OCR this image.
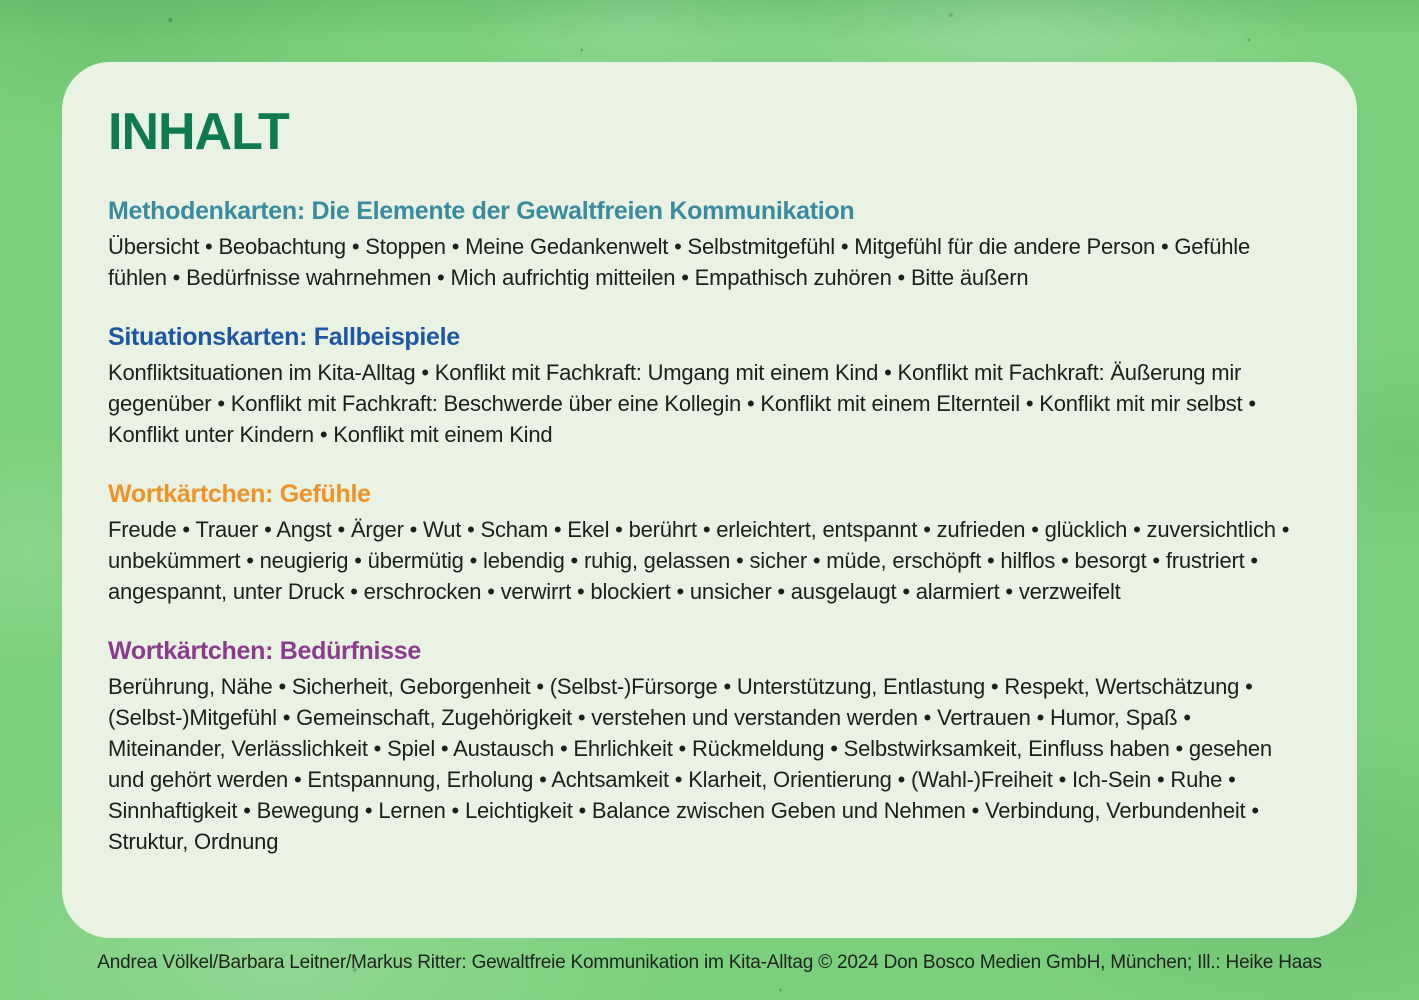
INHALT
Methodenkarten: Die Elemente der Gewaltfreien Kommunikation

Übersicht • Beobachtung • Stoppen • Meine Gedankenwelt • Selbstmitgefühl • Mitgefühl für die andere Person • Gefühle fühlen • Bedürfnisse wahrnehmen • Mich aufrichtig mitteilen • Empathisch zuhören • Bitte äußern

Situationskarten: Fallbeispiele

Konfliktsituationen im Kita-Alltag • Konflikt mit Fachkraft: Umgang mit einem Kind • Konflikt mit Fachkraft: Äußerung mir gegenüber • Konflikt mit Fachkraft: Beschwerde über eine Kollegin • Konflikt mit einem Elternteil • Konflikt mit mir selbst • Konflikt unter Kindern • Konflikt mit einem Kind

Wortkärtchen: Gefühle

Freude • Trauer • Angst • Ärger • Wut • Scham • Ekel • berührt • erleichtert, entspannt • zufrieden • glücklich • zuversichtlich • unbekümmert • neugierig • übermütig • lebendig • ruhig, gelassen • sicher • müde, erschöpft • hilflos • besorgt • frustriert • angespannt, unter Druck • erschrocken • verwirrt • blockiert • unsicher • ausgelaugt • alarmiert • verzweifelt

Wortkärtchen: Bedürfnisse

Berührung, Nähe • Sicherheit, Geborgenheit • (Selbst-)Fürsorge • Unterstützung, Entlastung • Respekt, Wertschätzung • (Selbst-)Mitgefühl • Gemeinschaft, Zugehörigkeit • verstehen und verstanden werden • Vertrauen • Humor, Spaß • Miteinander, Verlässlichkeit • Spiel • Austausch • Ehrlichkeit • Rückmeldung • Selbstwirksamkeit, Einfluss haben • gesehen und gehört werden • Entspannung, Erholung • Achtsamkeit • Klarheit, Orientierung • (Wahl-)Freiheit • Ich-Sein • Ruhe • Sinnhaftigkeit • Bewegung • Lernen • Leichtigkeit • Balance zwischen Geben und Nehmen • Verbindung, Verbundenheit • Struktur, Ordnung

Andrea Völkel/Barbara Leitner/Markus Ritter: Gewaltfreie Kommunikation im Kita-Alltag © 2024 Don Bosco Medien GmbH, München; Ill.: Heike Haas
